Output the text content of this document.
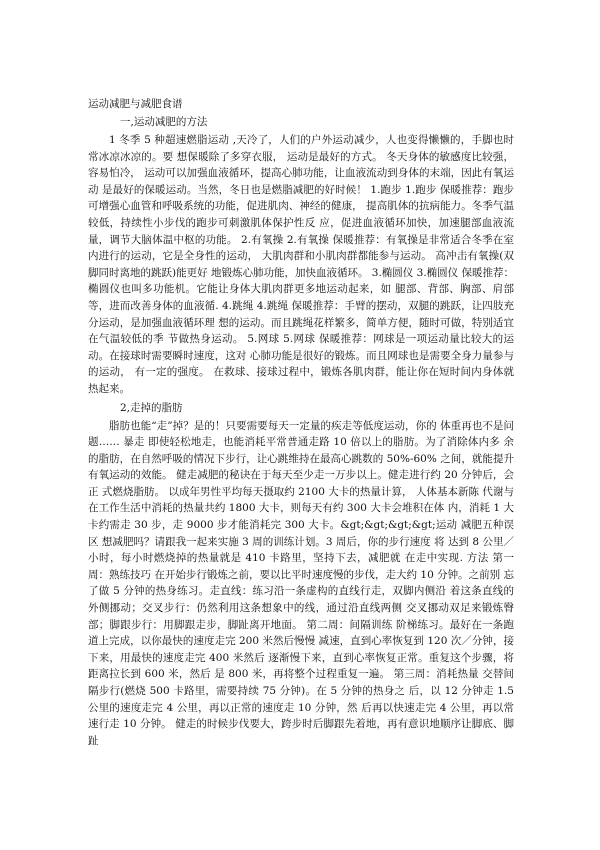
运动减肥与减肥食谱
一,运动减肥的方法

1 冬季 5 种超速燃脂运动 ,天冷了，人们的户外运动减少，人也变得懒懒的，手脚也时常冰凉冰凉的。要 想保暖除了多穿衣服， 运动是最好的方式。 冬天身体的敏感度比较强， 容易怕冷， 运动可以加强血液循环，提高心肺功能，让血液流动到身体的末端，因此有氧运 动 是最好的保暖运动。当然，冬日也是燃脂减肥的好时候！ 1.跑步 1.跑步 保暖推荐：跑步可增强心血管和呼吸系统的功能，促进肌肉、神经的健康， 提高肌体的抗病能力。冬季气温较低，持续性小步伐的跑步可刺激肌体保护性反 应，促进血液循环加快，加速腿部血液流量，调节大脑体温中枢的功能。 2.有氧操 2.有氧操 保暖推荐：有氧操是非常适合冬季在室内进行的运动，它是全身性的运动， 大肌肉群和小肌肉群都能参与运动。 高冲击有氧操(双脚同时离地的跳跃)能更好 地锻炼心肺功能，加快血液循环。 3.椭圆仪 3.椭圆仪 保暖推荐：椭圆仪也叫多功能机。它能让身体大肌肉群更多地运动起来，如 腿部、背部、胸部、肩部等，进而改善身体的血液循. 4.跳绳 4.跳绳 保暖推荐：手臂的摆动，双腿的跳跃，让四肢充分运动，是加强血液循环理 想的运动。而且跳绳花样繁多，简单方便，随时可做，特别适宜在气温较低的季 节做热身运动。 5.网球 5.网球 保暖推荐：网球是一项运动量比较大的运动。在接球时需要瞬时速度，这对 心肺功能是很好的锻炼。而且网球也是需要全身力量参与的运动， 有一定的强度。 在救球、接球过程中，锻炼各肌肉群，能让你在短时间内身体就热起来。

2,走掉的脂肪

脂肪也能“走”掉？是的！只要需要每天一定量的疾走等低度运动，你的 体重再也不是问题…… 暴走 即使轻松地走，也能消耗平常普通走路 10 倍以上的脂肪。为了消除体内多 余的脂肪，在自然呼吸的情况下步行，让心跳维持在最高心跳数的 50%-60% 之间，就能提升有氧运动的效能。 健走减肥的秘诀在于每天至少走一万步以上。健走进行约 20 分钟后，会正 式燃烧脂肪。 以成年男性平均每天摄取约 2100 大卡的热量计算， 人体基本新陈 代谢与在工作生活中消耗的热量共约 1800 大卡，则每天有约 300 大卡会堆积在体 内，消耗 1 大卡约需走 30 步，走 9000 步才能消耗完 300 大卡。&gt;&gt;&gt;&gt;运动 减肥五种误区 想减肥吗？请跟我一起来实施 3 周的训练计划。3 周后，你的步行速度 将 达到 8 公里／小时，每小时燃烧掉的热量就是 410 卡路里，坚持下去，减肥就 在走中实现. 方法 第一周：熟练技巧 在开始步行锻炼之前，要以比平时速度慢的步伐，走大约 10 分钟。之前别 忘了做 5 分钟的热身练习。走直线：练习沿一条虚构的直线行走，双脚内侧沿 着这条直线的外侧挪动；交叉步行：仍然利用这条想象中的线，通过沿直线两侧 交叉挪动双足来锻炼臀部；脚跟步行：用脚跟走步，脚趾离开地面。 第二周：间隔训练 阶梯练习。最好在一条跑道上完成，以你最快的速度走完 200 米然后慢慢 减速，直到心率恢复到 120 次／分钟，接下来，用最快的速度走完 400 米然后 逐渐慢下来，直到心率恢复正常。重复这个步骤，将距离拉长到 600 米，然后 是 800 米，再将整个过程重复一遍。 第三周：消耗热量 交替间隔步行(燃烧 500 卡路里，需要持续 75 分钟)。在 5 分钟的热身之 后，以 12 分钟走 1.5 公里的速度走完 4 公里，再以正常的速度走 10 分钟，然 后再以快速走完 4 公里，再以常速行走 10 分钟。 健走的时候步伐要大，跨步时后脚跟先着地，再有意识地顺序让脚底、脚趾
